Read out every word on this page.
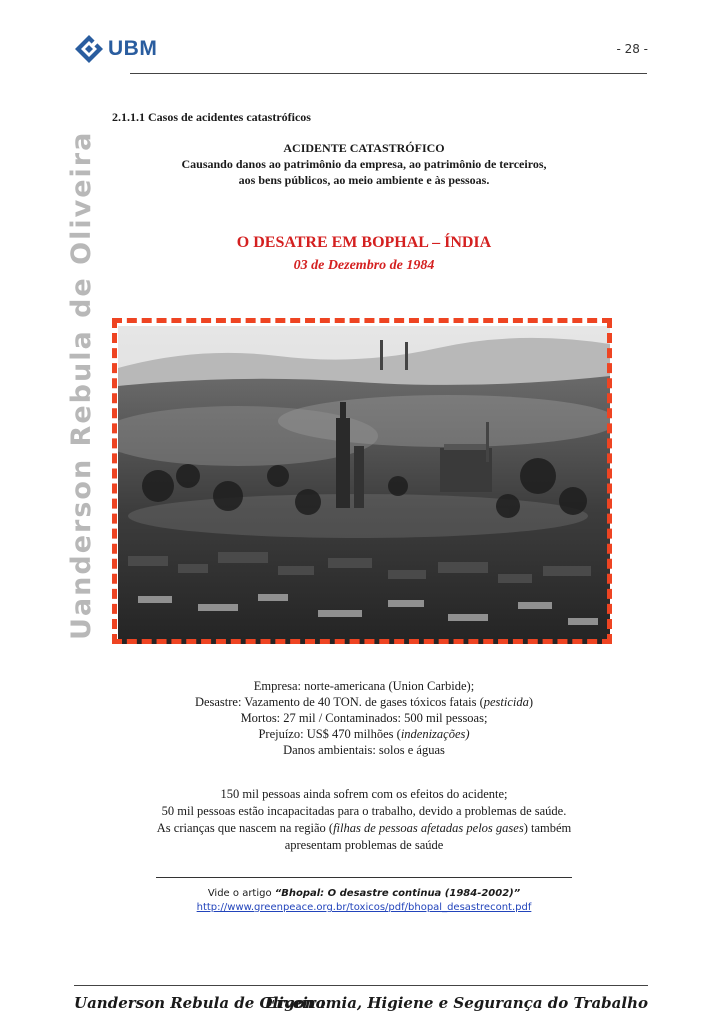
UBM	- 28 -
2.1.1.1 Casos de acidentes catastróficos
ACIDENTE CATASTRÓFICO
Causando danos ao patrimônio da empresa, ao patrimônio de terceiros,
aos bens públicos, ao meio ambiente e às pessoas.
O DESATRE EM BOPHAL – ÍNDIA
03 de Dezembro de 1984
Uanderson Rebula de Oliveira
Empresa: norte-americana (Union Carbide);
Desastre: Vazamento de 40 TON. de gases tóxicos fatais (pesticida)
Mortos: 27 mil / Contaminados: 500 mil pessoas;
Prejuízo: US$ 470 milhões (indenizações)
Danos ambientais: solos e águas
150 mil pessoas ainda sofrem com os efeitos do acidente;
50 mil pessoas estão incapacitadas para o trabalho, devido a problemas de saúde.
As crianças que nascem na região (filhas de pessoas afetadas pelos gases) também
apresentam problemas de saúde
Vide o artigo “Bhopal: O desastre continua (1984-2002)”
http://www.greenpeace.org.br/toxicos/pdf/bhopal_desastrecont.pdf
Uanderson Rebula de Oliveira
Ergonomia, Higiene e Segurança do Trabalho
